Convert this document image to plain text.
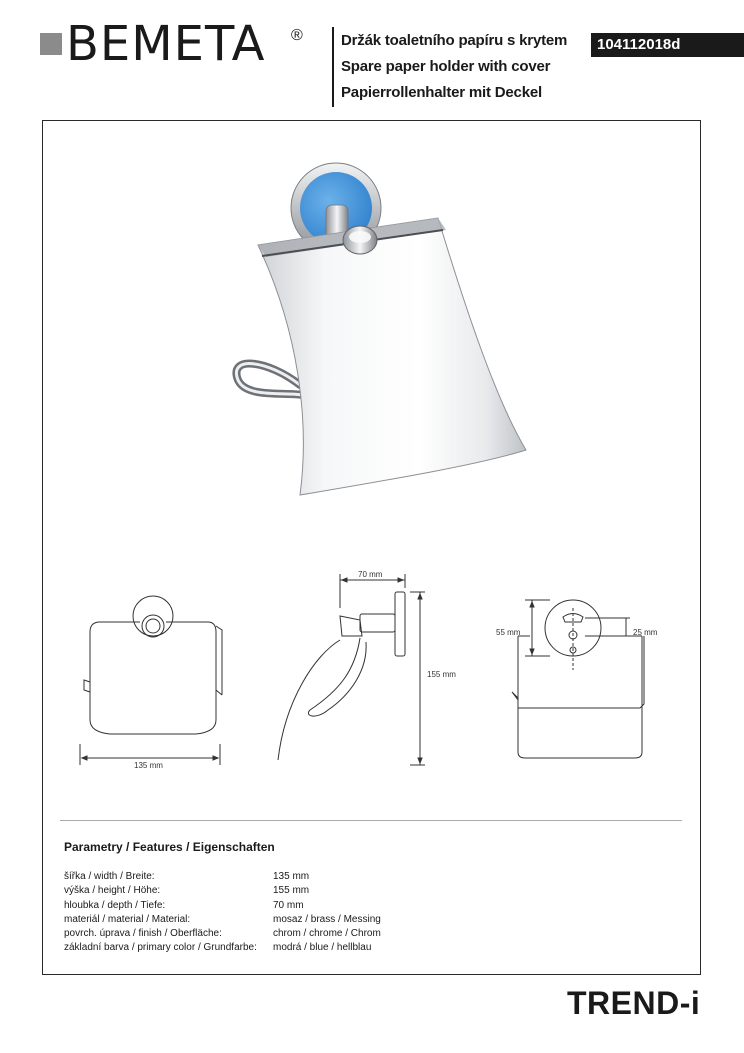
BEMETA ®	Držák toaletního papíru s krytem
Spare paper holder with cover
Papierrollenhalter mit Deckel
104112018d
135 mm
70 mm
155 mm
55 mm	25 mm
Parametry / Features / Eigenschaften
šířka / width / Breite:	135 mm
výška / height / Höhe:	155 mm
hloubka / depth / Tiefe:	70 mm
materiál / material / Material:	mosaz / brass / Messing
povrch. úprava / finish / Oberfläche:	chrom / chrome / Chrom
základní barva / primary color / Grundfarbe:	modrá / blue / hellblau
TREND-i
